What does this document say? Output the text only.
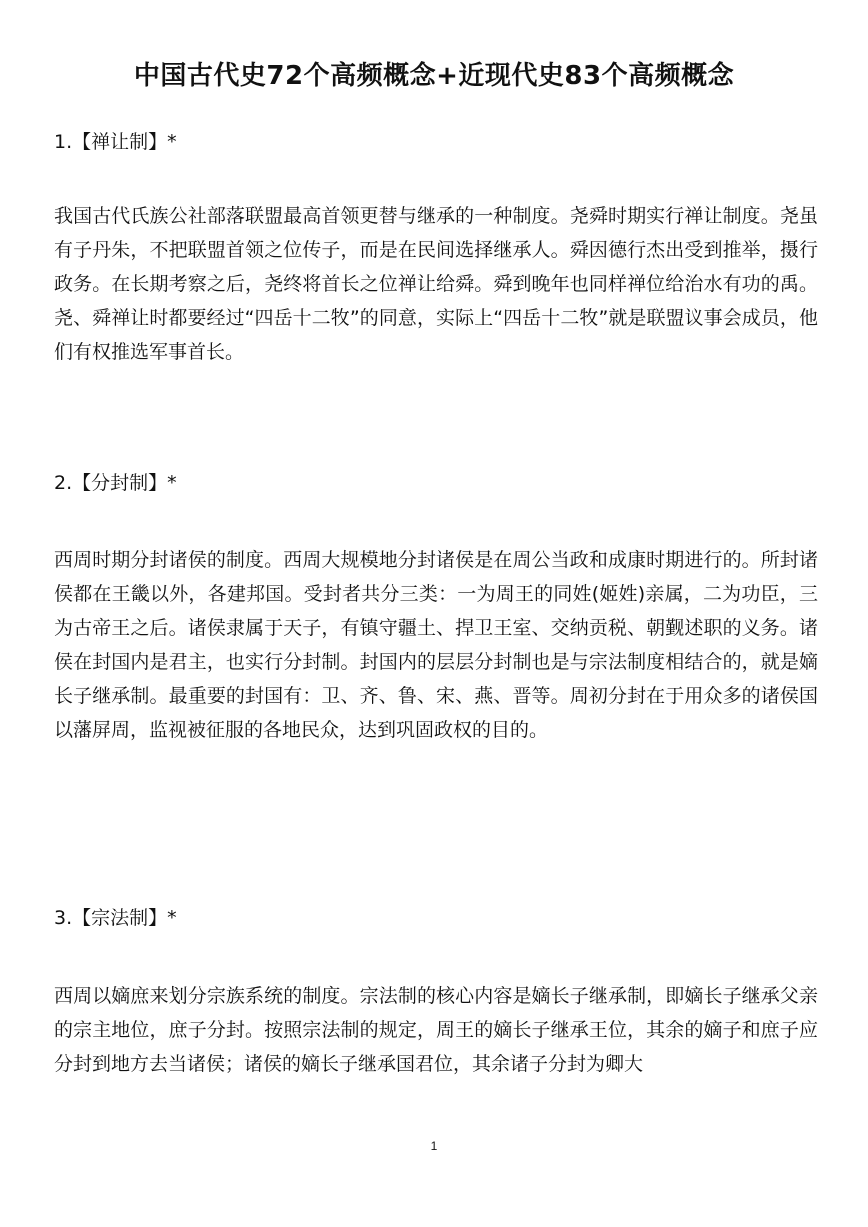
中国古代史72个高频概念+近现代史83个高频概念

1.【禅让制】*

我国古代氏族公社部落联盟最高首领更替与继承的一种制度。尧舜时期实行禅让制度。尧虽有子丹朱，不把联盟首领之位传子，而是在民间选择继承人。舜因德行杰出受到推举，摄行政务。在长期考察之后，尧终将首长之位禅让给舜。舜到晚年也同样禅位给治水有功的禹。尧、舜禅让时都要经过“四岳十二牧”的同意，实际上“四岳十二牧”就是联盟议事会成员，他们有权推选军事首长。

2.【分封制】*

西周时期分封诸侯的制度。西周大规模地分封诸侯是在周公当政和成康时期进行的。所封诸侯都在王畿以外，各建邦国。受封者共分三类：一为周王的同姓(姬姓)亲属，二为功臣，三为古帝王之后。诸侯隶属于天子，有镇守疆土、捍卫王室、交纳贡税、朝觐述职的义务。诸侯在封国内是君主，也实行分封制。封国内的层层分封制也是与宗法制度相结合的，就是嫡长子继承制。最重要的封国有：卫、齐、鲁、宋、燕、晋等。周初分封在于用众多的诸侯国以藩屏周，监视被征服的各地民众，达到巩固政权的目的。

3.【宗法制】*

西周以嫡庶来划分宗族系统的制度。宗法制的核心内容是嫡长子继承制，即嫡长子继承父亲的宗主地位，庶子分封。按照宗法制的规定，周王的嫡长子继承王位，其余的嫡子和庶子应分封到地方去当诸侯；诸侯的嫡长子继承国君位，其余诸子分封为卿大

1
